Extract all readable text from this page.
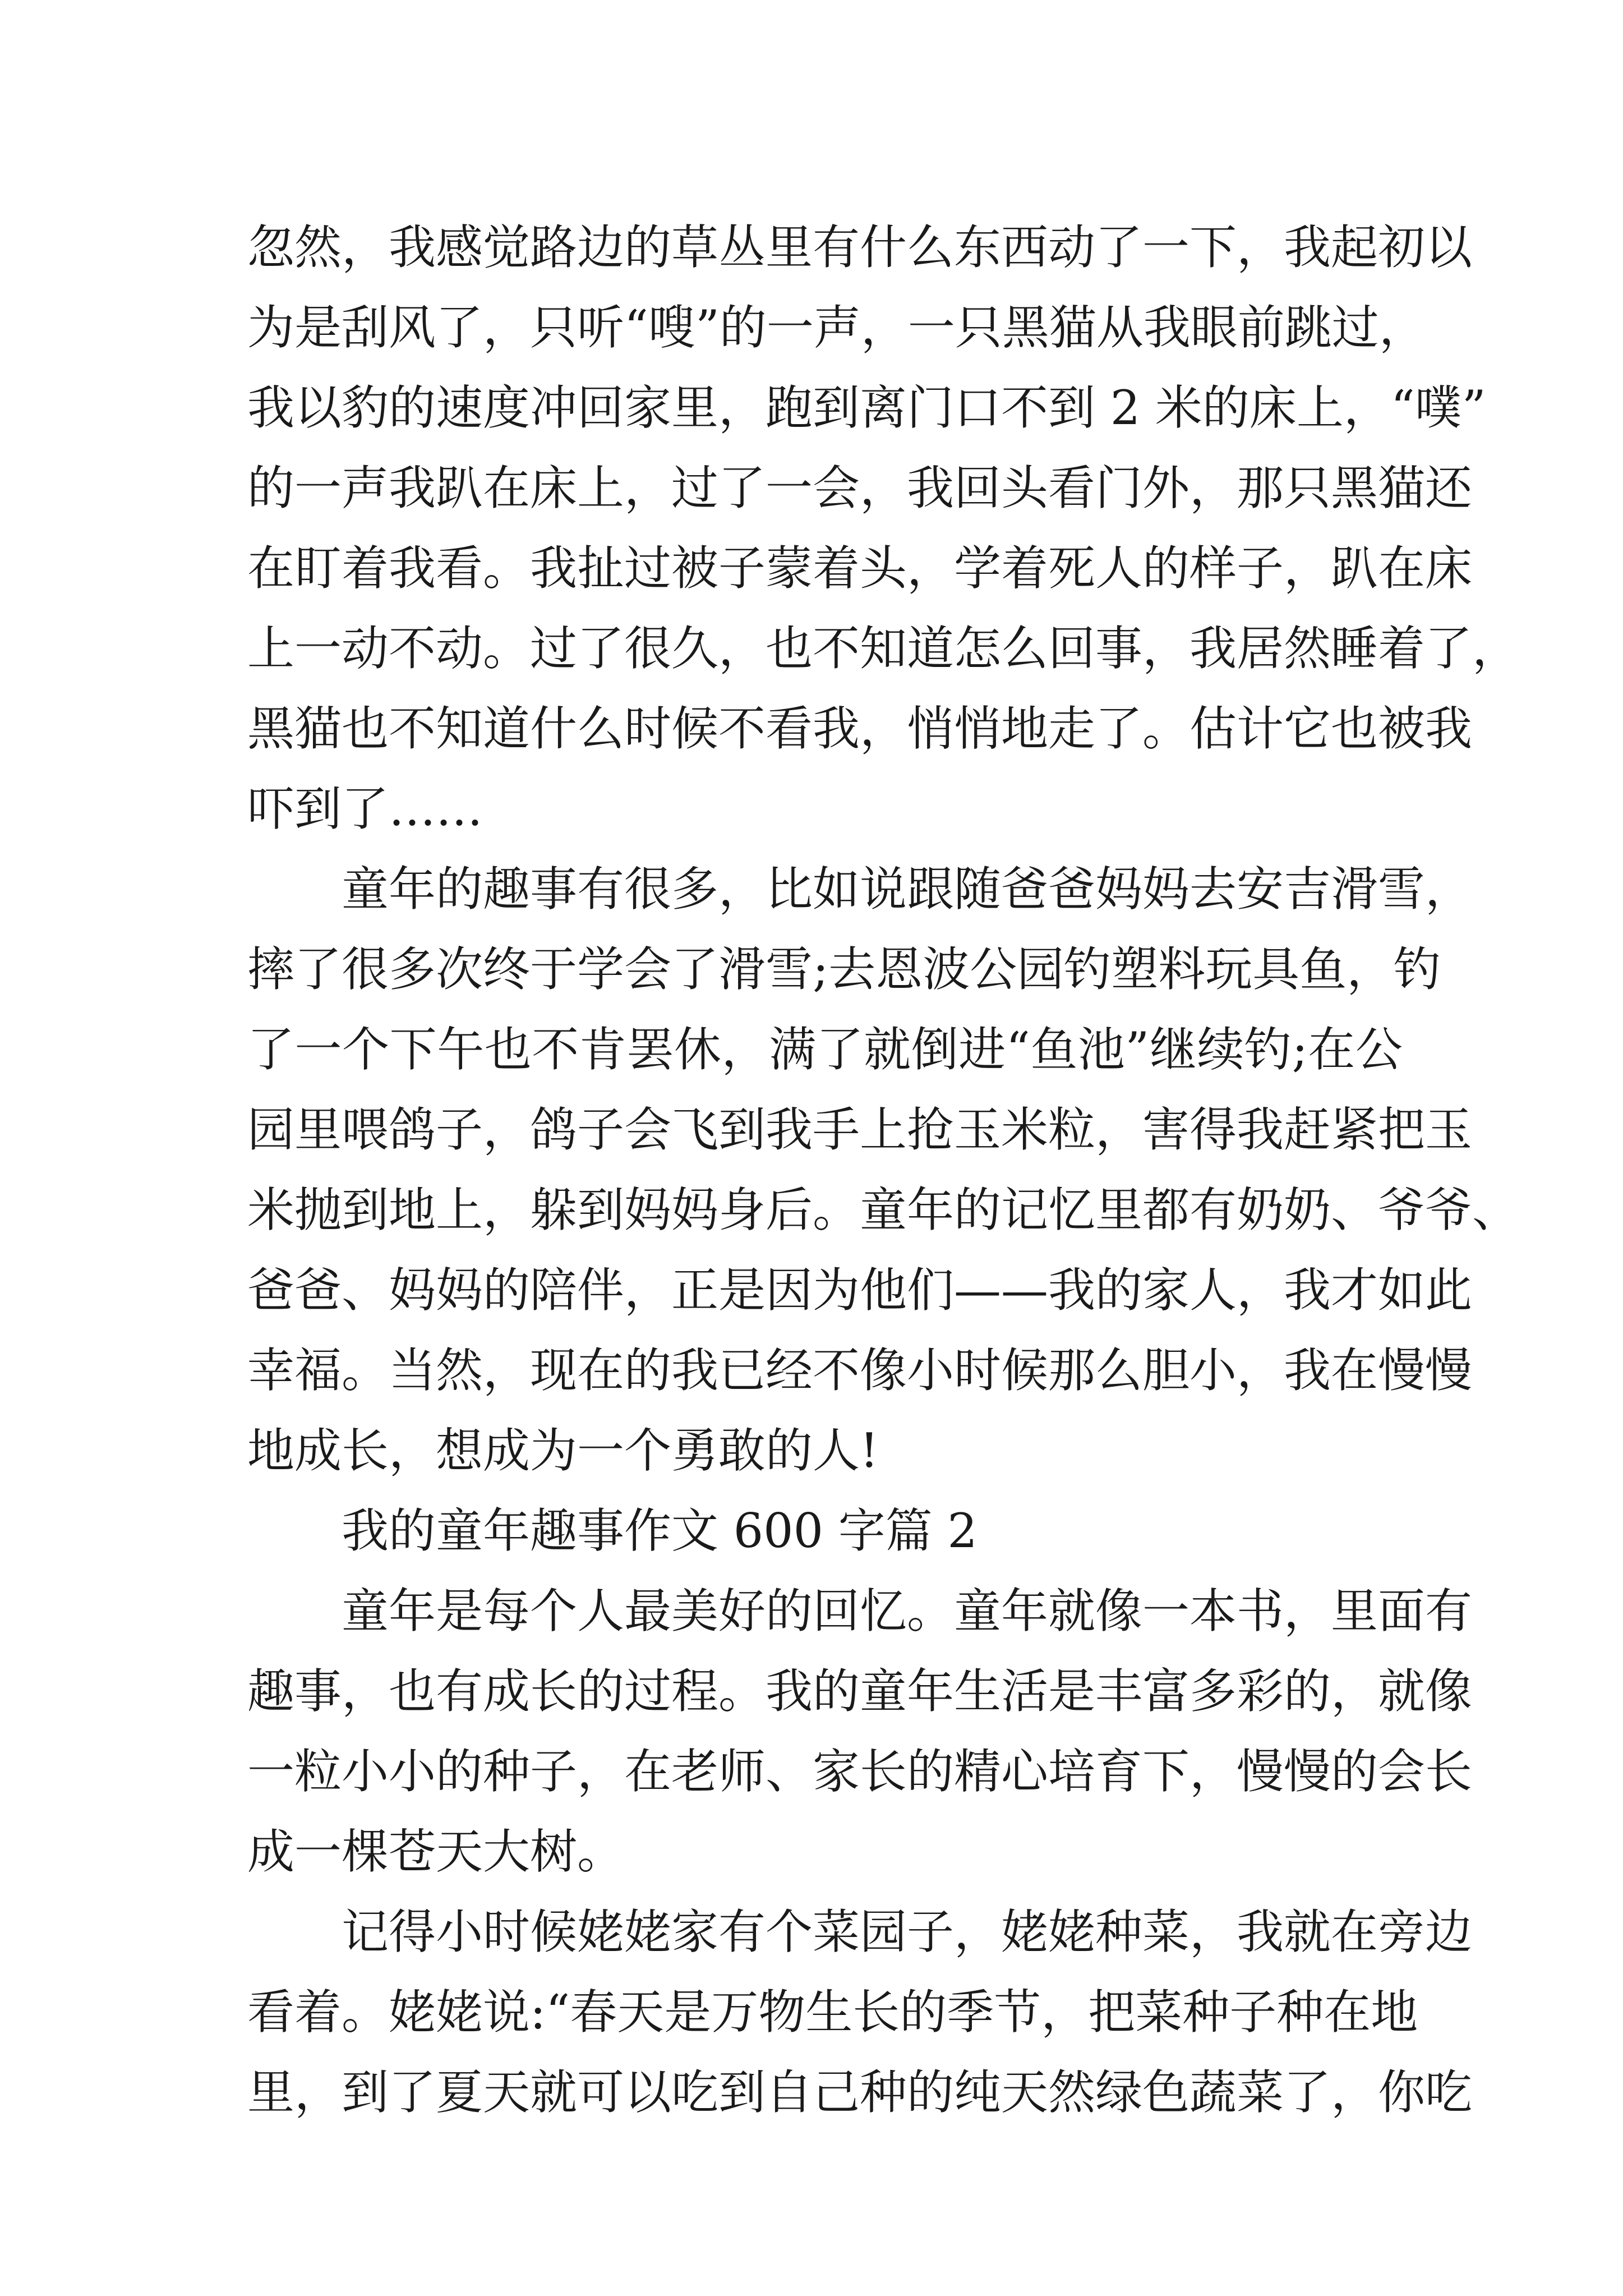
忽然，我感觉路边的草丛里有什么东西动了一下，我起初以
为是刮风了，只听“嗖”的一声，一只黑猫从我眼前跳过，
我以豹的速度冲回家里，跑到离门口不到 2 米的床上，“噗”
的一声我趴在床上，过了一会，我回头看门外，那只黑猫还
在盯着我看。我扯过被子蒙着头，学着死人的样子，趴在床
上一动不动。过了很久，也不知道怎么回事，我居然睡着了，
黑猫也不知道什么时候不看我，悄悄地走了。估计它也被我
吓到了……
童年的趣事有很多，比如说跟随爸爸妈妈去安吉滑雪，
摔了很多次终于学会了滑雪;去恩波公园钓塑料玩具鱼，钓
了一个下午也不肯罢休，满了就倒进“鱼池”继续钓;在公
园里喂鸽子，鸽子会飞到我手上抢玉米粒，害得我赶紧把玉
米抛到地上，躲到妈妈身后。童年的记忆里都有奶奶、爷爷、
爸爸、妈妈的陪伴，正是因为他们——我的家人，我才如此
幸福。当然，现在的我已经不像小时候那么胆小，我在慢慢
地成长，想成为一个勇敢的人!
我的童年趣事作文 600 字篇 2
童年是每个人最美好的回忆。童年就像一本书，里面有
趣事，也有成长的过程。我的童年生活是丰富多彩的，就像
一粒小小的种子，在老师、家长的精心培育下，慢慢的会长
成一棵苍天大树。
记得小时候姥姥家有个菜园子，姥姥种菜，我就在旁边
看着。姥姥说:“春天是万物生长的季节，把菜种子种在地
里，到了夏天就可以吃到自己种的纯天然绿色蔬菜了，你吃
